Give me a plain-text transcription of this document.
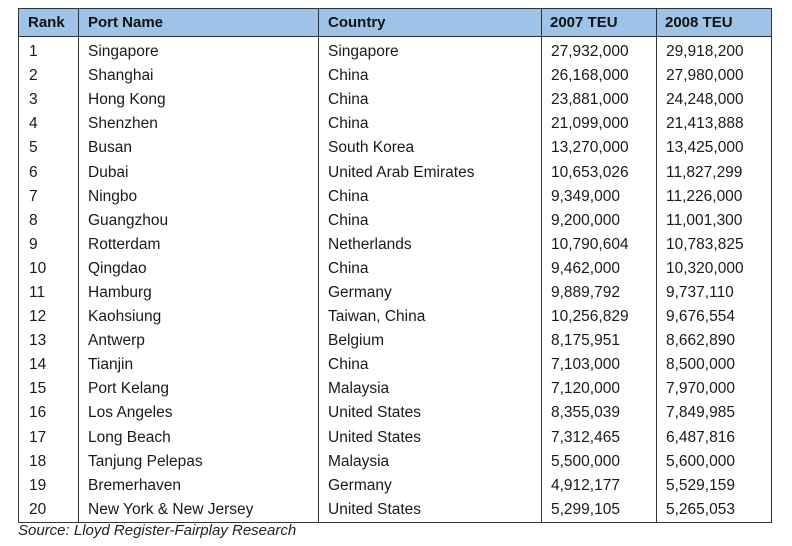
Rank	Port Name	Country	2007 TEU	2008 TEU
1	Singapore	Singapore	27,932,000	29,918,200
2	Shanghai	China	26,168,000	27,980,000
3	Hong Kong	China	23,881,000	24,248,000
4	Shenzhen	China	21,099,000	21,413,888
5	Busan	South Korea	13,270,000	13,425,000
6	Dubai	United Arab Emirates	10,653,026	11,827,299
7	Ningbo	China	9,349,000	11,226,000
8	Guangzhou	China	9,200,000	11,001,300
9	Rotterdam	Netherlands	10,790,604	10,783,825
10	Qingdao	China	9,462,000	10,320,000
11	Hamburg	Germany	9,889,792	9,737,110
12	Kaohsiung	Taiwan, China	10,256,829	9,676,554
13	Antwerp	Belgium	8,175,951	8,662,890
14	Tianjin	China	7,103,000	8,500,000
15	Port Kelang	Malaysia	7,120,000	7,970,000
16	Los Angeles	United States	8,355,039	7,849,985
17	Long Beach	United States	7,312,465	6,487,816
18	Tanjung Pelepas	Malaysia	5,500,000	5,600,000
19	Bremerhaven	Germany	4,912,177	5,529,159
20	New York & New Jersey	United States	5,299,105	5,265,053
Source: Lloyd Register-Fairplay Research
